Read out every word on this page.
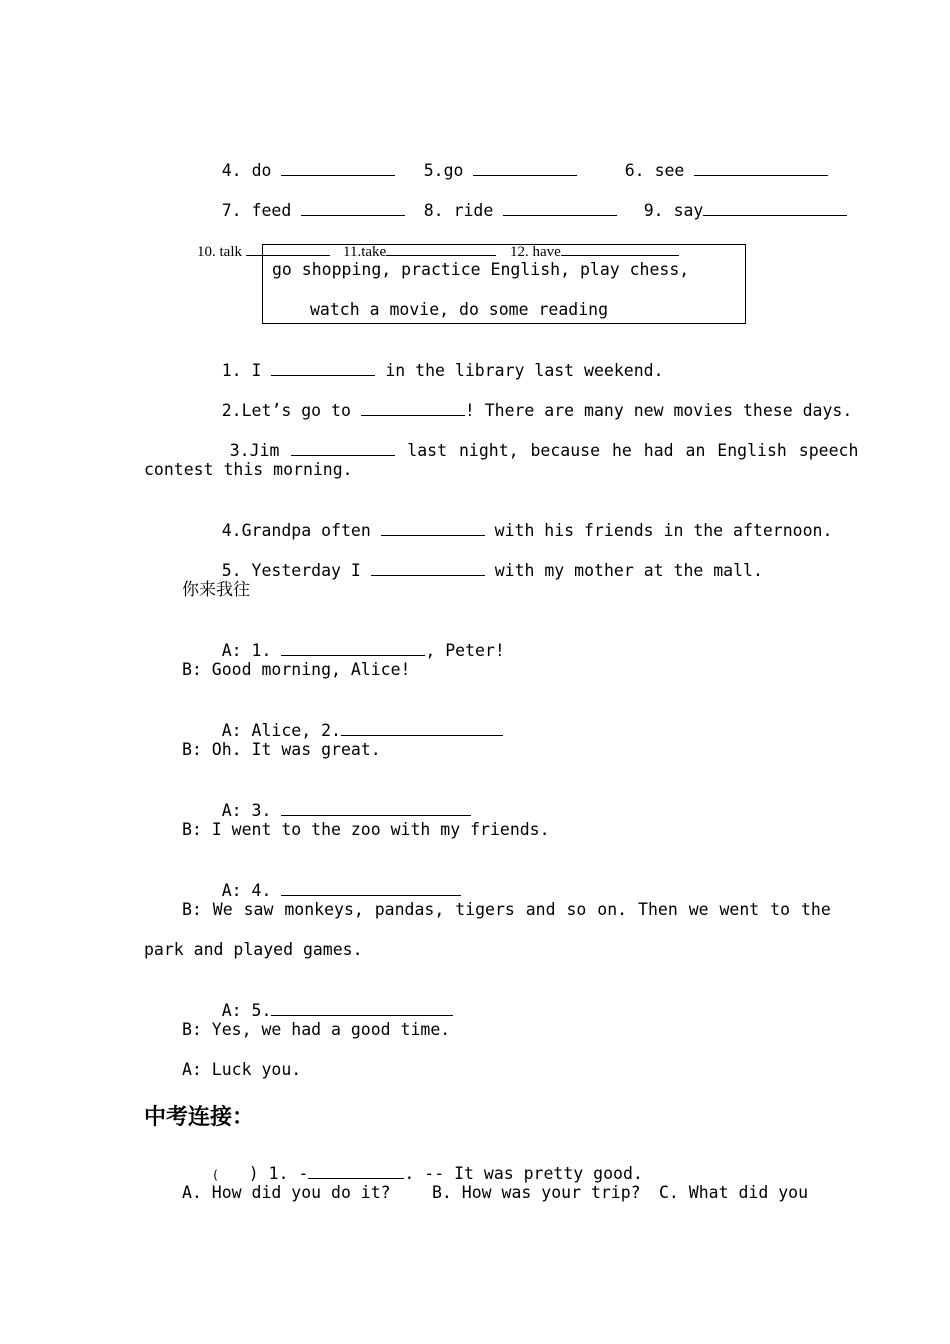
4. do
	5.go
	6. see

7. feed
	8. ride
	9. say

10. talk
	11.take
	12. have

go shopping, practice English, play chess,
watch a movie, do some reading

1. I	in the library last weekend.

2.Let’s go to	! There are many new movies these days.

3.Jim	last night, because he had an English speech

contest this morning.

4.Grandpa often	with his friends in the afternoon.

5. Yesterday I	with my mother at the mall.

你来我往

A: 1.	, Peter!

B: Good morning, Alice!

A: Alice, 2.

B: Oh. It was great.

A: 3.

B: I went to the zoo with my friends.

A: 4.

B: We saw monkeys, pandas, tigers and so on. Then we went to the
park and played games.

A: 5.

B: Yes, we had a good time.
A: Luck you.
中考连接：

( ) 1. -	. -- It was pretty good.

A. How did you do it?	B. How was your trip? C. What did you
